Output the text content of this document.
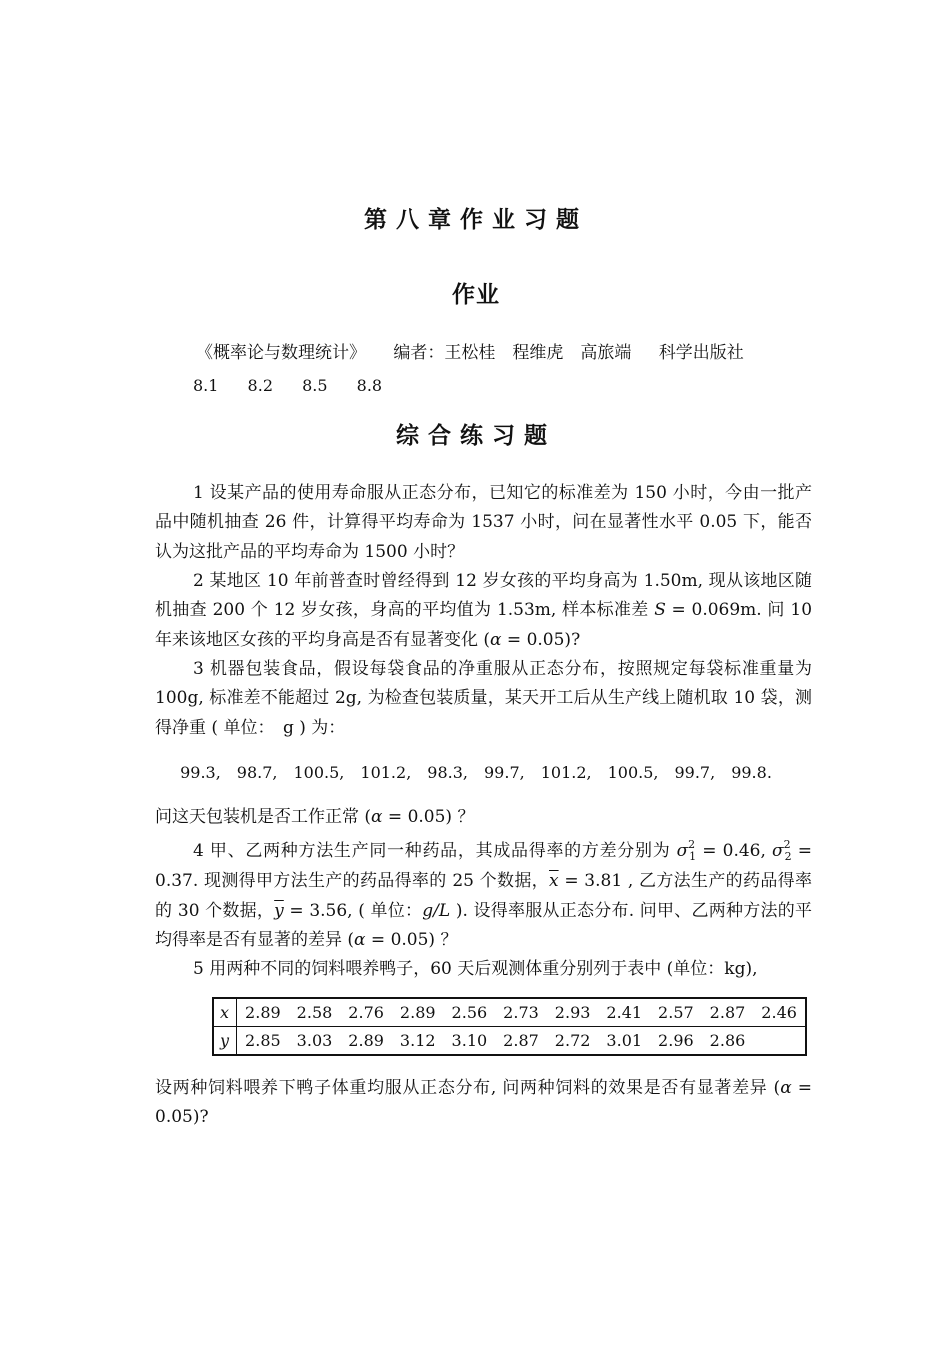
第八章作业习题
作业
《概率论与数理统计》 编者：王松桂　程维虎　高旅端 科学出版社
8.1 8.2 8.5 8.8
综合练习题
1 设某产品的使用寿命服从正态分布，已知它的标准差为 150 小时，今由一批产品中随机抽查 26 件，计算得平均寿命为 1537 小时，问在显著性水平 0.05 下，能否认为这批产品的平均寿命为 1500 小时？
2 某地区 10 年前普查时曾经得到 12 岁女孩的平均身高为 1.50m, 现从该地区随机抽查 200 个 12 岁女孩，身高的平均值为 1.53m, 样本标准差 S = 0.069m. 问 10 年来该地区女孩的平均身高是否有显著变化 (α = 0.05)?
3 机器包装食品，假设每袋食品的净重服从正态分布，按照规定每袋标准重量为 100g, 标准差不能超过 2g, 为检查包装质量，某天开工后从生产线上随机取 10 袋，测得净重 ( 单位：　g ) 为：
99.3,　98.7,　100.5,　101.2,　98.3,　99.7,　101.2,　100.5,　99.7,　99.8.
问这天包装机是否工作正常 (α = 0.05) ？
4 甲、乙两种方法生产同一种药品，其成品得率的方差分别为 $\sigma^2_1 = 0.46$, $\sigma^2_2 = 0.37$. 现测得甲方法生产的药品得率的 25 个数据，$\overline{x} = 3.81$ , 乙方法生产的药品得率的 30 个数据，$\overline{y} = 3.56$, ( 单位：g/L ). 设得率服从正态分布. 问甲、乙两种方法的平均得率是否有显著的差异 (α = 0.05) ？
5 用两种不同的饲料喂养鸭子，60 天后观测体重分别列于表中 (单位：kg),
x	2.89	2.58	2.76	2.89	2.56	2.73	2.93	2.41	2.57	2.87	2.46
y	2.85	3.03	2.89	3.12	3.10	2.87	2.72	3.01	2.96	2.86	
设两种饲料喂养下鸭子体重均服从正态分布, 问两种饲料的效果是否有显著差异 (α = 0.05)?
